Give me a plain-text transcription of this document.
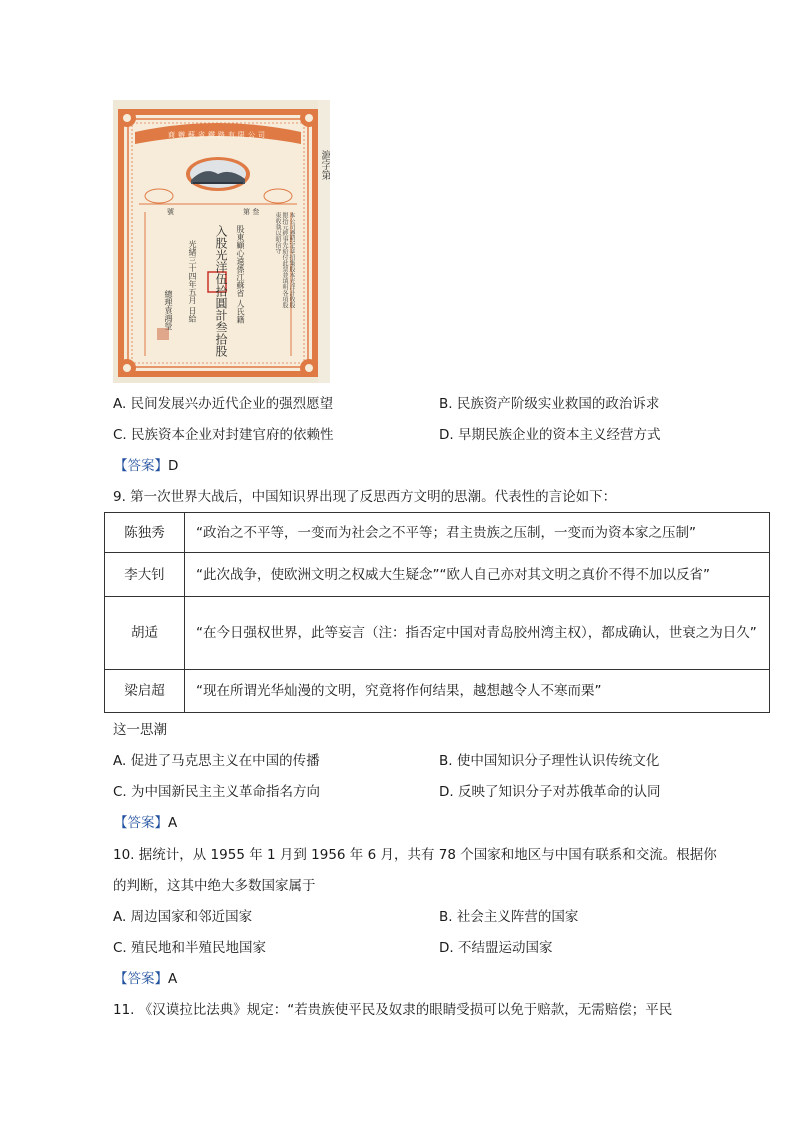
商辦蘇省鐵路有限公司
號	第 叁
入股光洋伍拾圓計叁拾股 股東顧心遠係江蘇省 人氏籍	本公司遵照定章招集股本光洋計收股銀拾元經事先給付此票並填明各項股東收執以昭信守
光緒三十四年五月 日給
總理袁鴻瑩
滬字第
A. 民间发展兴办近代企业的强烈愿望	B. 民族资产阶级实业救国的政治诉求
C. 民族资本企业对封建官府的依赖性	D. 早期民族企业的资本主义经营方式
【答案】D
9. 第一次世界大战后，中国知识界出现了反思西方文明的思潮。代表性的言论如下：
陈独秀	“政治之不平等，一变而为社会之不平等；君主贵族之压制，一变而为资本家之压制”
李大钊	“此次战争，使欧洲文明之权威大生疑念”“欧人自己亦对其文明之真价不得不加以反省”
胡适	“在今日强权世界，此等妄言（注：指否定中国对青岛胶州湾主权），都成确认，世衰之为日久”
梁启超	“现在所谓光华灿漫的文明，究竟将作何结果，越想越令人不寒而栗”
这一思潮
A. 促进了马克思主义在中国的传播	B. 使中国知识分子理性认识传统文化
C. 为中国新民主主义革命指名方向	D. 反映了知识分子对苏俄革命的认同
【答案】A
10. 据统计，从 1955 年 1 月到 1956 年 6 月，共有 78 个国家和地区与中国有联系和交流。根据你
的判断，这其中绝大多数国家属于
A. 周边国家和邻近国家	B. 社会主义阵营的国家
C. 殖民地和半殖民地国家	D. 不结盟运动国家
【答案】A
11. 《汉谟拉比法典》规定：“若贵族使平民及奴隶的眼睛受损可以免于赔款，无需赔偿；平民
